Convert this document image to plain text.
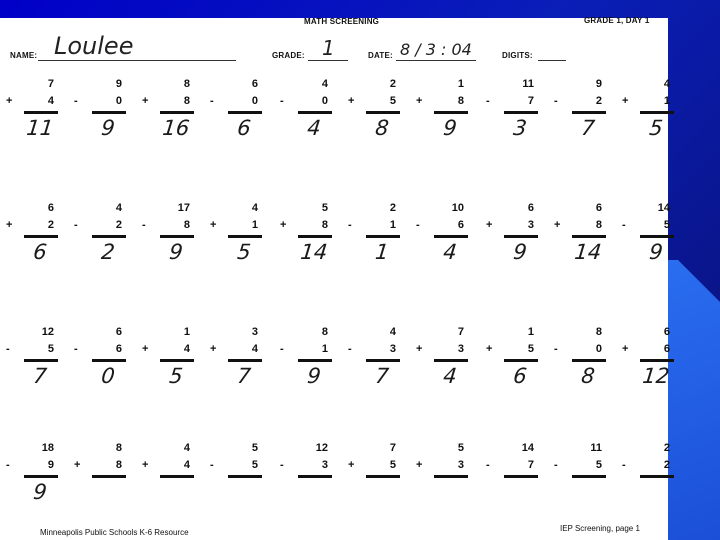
MATH SCREENING	GRADE 1, DAY 1
NAME: Loulee	GRADE: 1	DATE: 8 / 3 : 04	DIGITS:
7
+	4
11
9
-	0
9
8
+	8
16
6
-	0
6
4
-	0
4
2
+	5
8
1
+	8
9
11
-	7
3
9
-	2
7
4
+	1
5
6
+	2
6
4
-	2
2
17
-	8
9
4
+	1
5
5
+	8
14
2
-	1
1
10
-	6
4
6
+	3
9
6
+	8
14
14
-	5
9
12
-	5
7
6
-	6
0
1
+	4
5
3
+	4
7
8
-	1
9
4
-	3
7
7
+	3
4
1
+	5
6
8
-	0
8
6
+	6
12
18
-	9
9
8
+	8
4
+	4
5
-	5
12
-	3
7
+	5
5
+	3
14
-	7
11
-	5
2
-	2
Minneapolis Public Schools K-6 Resource	IEP Screening, page 1
